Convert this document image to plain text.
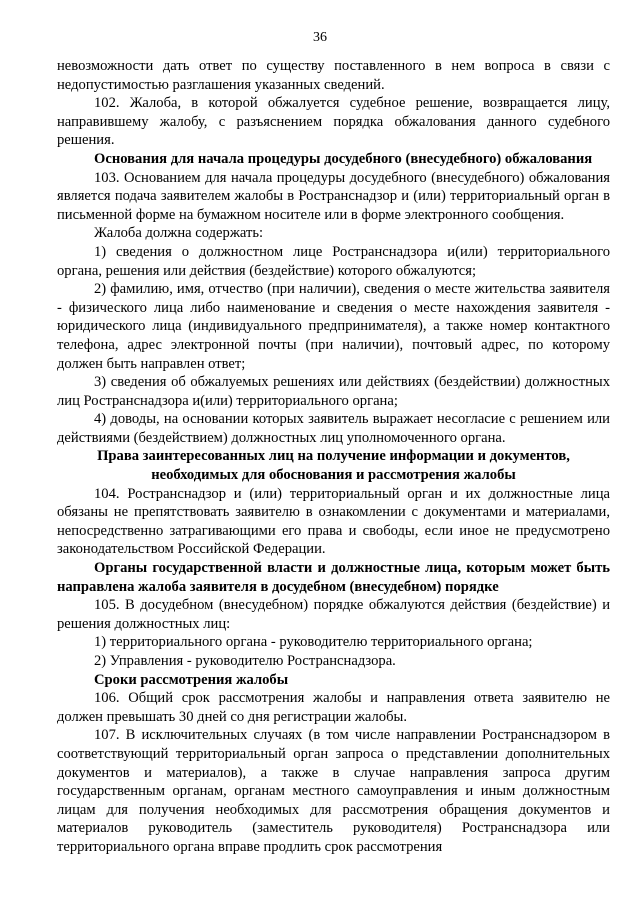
36

невозможности дать ответ по существу поставленного в нем вопроса в связи с недопустимостью разглашения указанных сведений.

102. Жалоба, в которой обжалуется судебное решение, возвращается лицу, направившему жалобу, с разъяснением порядка обжалования данного судебного решения.

Основания для начала процедуры досудебного (внесудебного) обжалования

103. Основанием для начала процедуры досудебного (внесудебного) обжалования является подача заявителем жалобы в Ространснадзор и (или) территориальный орган в письменной форме на бумажном носителе или в форме электронного сообщения.

Жалоба должна содержать:

1) сведения о должностном лице Ространснадзора и(или) территориального органа, решения или действия (бездействие) которого обжалуются;

2) фамилию, имя, отчество (при наличии), сведения о месте жительства заявителя - физического лица либо наименование и сведения о месте нахождения заявителя - юридического лица (индивидуального предпринимателя), а также номер контактного телефона, адрес электронной почты (при наличии), почтовый адрес, по которому должен быть направлен ответ;

3) сведения об обжалуемых решениях или действиях (бездействии) должностных лиц Ространснадзора и(или) территориального органа;

4) доводы, на основании которых заявитель выражает несогласие с решением или действиями (бездействием) должностных лиц уполномоченного органа.

Права заинтересованных лиц на получение информации и документов, необходимых для обоснования и рассмотрения жалобы

104. Ространснадзор и (или) территориальный орган и их должностные лица обязаны не препятствовать заявителю в ознакомлении с документами и материалами, непосредственно затрагивающими его права и свободы, если иное не предусмотрено законодательством Российской Федерации.

Органы государственной власти и должностные лица, которым может быть направлена жалоба заявителя в досудебном (внесудебном) порядке

105. В досудебном (внесудебном) порядке обжалуются действия (бездействие) и решения должностных лиц:

1) территориального органа - руководителю территориального органа;

2) Управления - руководителю Ространснадзора.

Сроки рассмотрения жалобы

106. Общий срок рассмотрения жалобы и направления ответа заявителю не должен превышать 30 дней со дня регистрации жалобы.

107. В исключительных случаях (в том числе направлении Ространснадзором в соответствующий территориальный орган запроса о представлении дополнительных документов и материалов), а также в случае направления запроса другим государственным органам, органам местного самоуправления и иным должностным лицам для получения необходимых для рассмотрения обращения документов и материалов руководитель (заместитель руководителя) Ространснадзора или территориального органа вправе продлить срок рассмотрения
